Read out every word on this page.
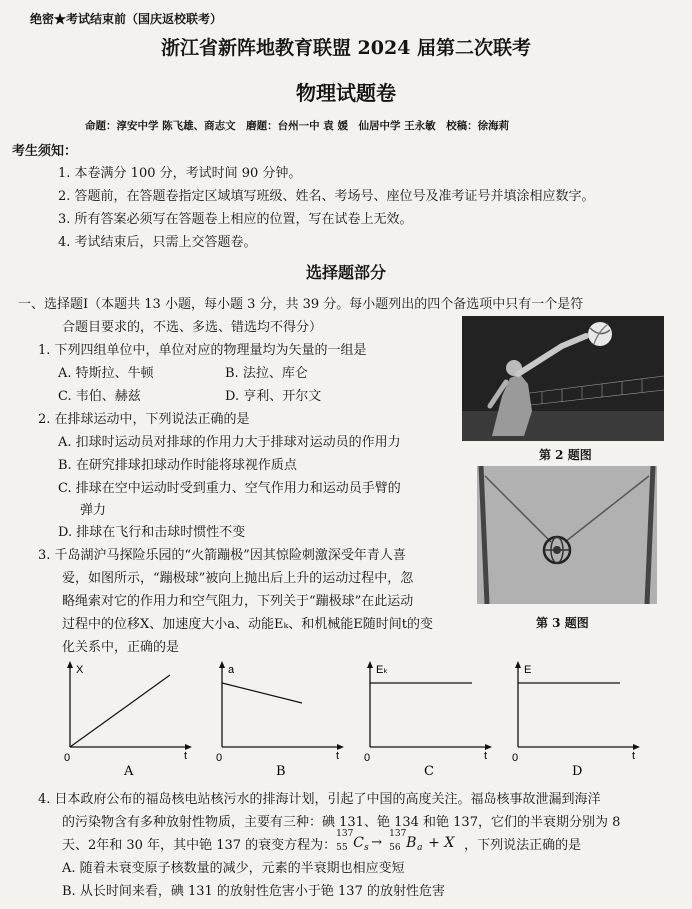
绝密★考试结束前（国庆返校联考）
浙江省新阵地教育联盟 2024 届第二次联考
物理试题卷
命题：淳安中学 陈飞雄、商志文　磨题：台州一中 袁 媛　仙居中学 王永敏　校稿：徐海莉
考生须知：
1. 本卷满分 100 分，考试时间 90 分钟。
2. 答题前，在答题卷指定区域填写班级、姓名、考场号、座位号及准考证号并填涂相应数字。
3. 所有答案必须写在答题卷上相应的位置，写在试卷上无效。
4. 考试结束后，只需上交答题卷。
选择题部分
一、选择题Ⅰ（本题共 13 小题，每小题 3 分，共 39 分。每小题列出的四个备选项中只有一个是符
合题目要求的，不选、多选、错选均不得分）
1. 下列四组单位中，单位对应的物理量均为矢量的一组是
A. 特斯拉、牛顿	B. 法拉、库仑
C. 韦伯、赫兹	D. 亨利、开尔文
第 2 题图
2. 在排球运动中，下列说法正确的是
A. 扣球时运动员对排球的作用力大于排球对运动员的作用力
B. 在研究排球扣球动作时能将球视作质点
C. 排球在空中运动时受到重力、空气作用力和运动员手臂的
弹力
D. 排球在飞行和击球时惯性不变
第 3 题图
3. 千岛湖沪马探险乐园的“火箭蹦极”因其惊险刺激深受年青人喜
爱，如图所示，“蹦极球”被向上抛出后上升的运动过程中，忽
略绳索对它的作用力和空气阻力，下列关于“蹦极球”在此运动
过程中的位移X、加速度大小a、动能Eₖ、和机械能E随时间t的变
化关系中，正确的是
X
0	t
A
a
0	t
B
Eₖ
0	t
C
E
0	t
D
4. 日本政府公布的福岛核电站核污水的排海计划，引起了中国的高度关注。福岛核事故泄漏到海洋
的污染物含有多种放射性物质，主要有三种：碘 131、铯 134 和铯 137，它们的半衰期分别为 8
天、2年和 30 年，其中铯 137 的衰变方程为：
137
55 C s →
137
56 B a + X ，下列说法正确的是
A. 随着未衰变原子核数量的减少，元素的半衰期也相应变短
B. 从长时间来看，碘 131 的放射性危害小于铯 137 的放射性危害
